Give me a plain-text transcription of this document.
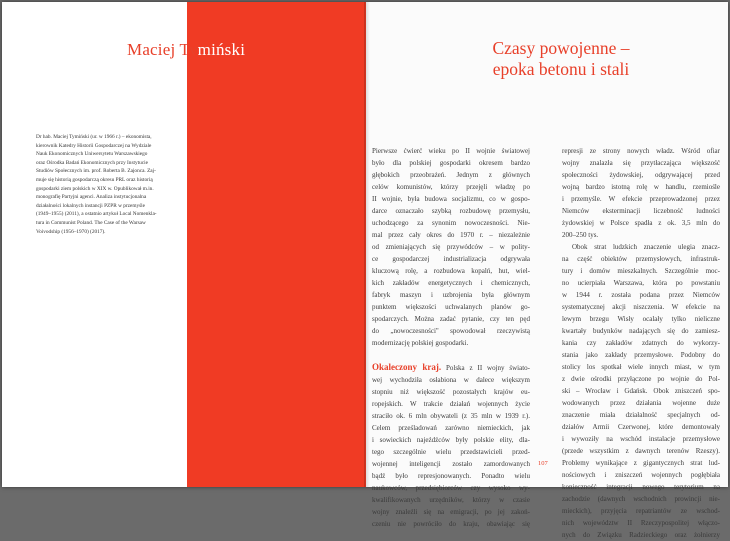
Maciej Tymiński
Dr hab. Maciej Tymiński (ur. w 1966 r.) – ekonomista,
kierownik Katedry Historii Gospodarczej na Wydziale
Nauk Ekonomicznych Uniwersytetu Warszawskiego
oraz Ośrodka Badań Ekonomicznych przy Instytucie
Studiów Społecznych im. prof. Roberta B. Zajonca. Zaj-
muje się historią gospodarczą okresu PRL oraz historią
gospodarki ziem polskich w XIX w. Opublikował m.in.
monografię Partyjni agenci. Analiza instytucjonalna
działalności lokalnych instancji PZPR w przemyśle
(1949–1955) (2011), a ostatnio artykuł Local Nomenkla-
tura in Communist Poland. The Case of the Warsaw
Voivodship (1956–1970) (2017).
Czasy powojenne –
epoka betonu i stali
Pierwsze ćwierć wieku po II wojnie światowej
było dla polskiej gospodarki okresem bardzo
głębokich przeobrażeń. Jednym z głównych
celów komunistów, którzy przejęli władzę po
II wojnie, była budowa socjalizmu, co w gospo-
darce oznaczało szybką rozbudowę przemysłu,
uchodzącego za synonim nowoczesności. Nie-
mal przez cały okres do 1970 r. – niezależnie
od zmieniających się przywódców – w polity-
ce gospodarczej industrializacja odgrywała
kluczową rolę, a rozbudowa kopalń, hut, wiel-
kich zakładów energetycznych i chemicznych,
fabryk maszyn i uzbrojenia była głównym
punktem większości uchwalanych planów go-
spodarczych. Można zadać pytanie, czy ten pęd
do „nowoczesności" spowodował rzeczywistą
modernizację polskiej gospodarki.
Okaleczony kraj. Polska z II wojny świato-
wej wychodziła osłabiona w dalece większym
stopniu niż większość pozostałych krajów eu-
ropejskich. W trakcie działań wojennych życie
straciło ok. 6 mln obywateli (z 35 mln w 1939 r.).
Celem prześladowań zarówno niemieckich, jak
i sowieckich najeźdźców były polskie elity, dla-
tego szczególnie wielu przedstawicieli przed-
wojennej inteligencji zostało zamordowanych
bądź było represjonowanych. Ponadto wielu
naukowców, przedsiębiorców czy wysoko wy-
kwalifikowanych urzędników, którzy w czasie
wojny znaleźli się na emigracji, po jej zakoń-
czeniu nie powróciło do kraju, obawiając się
represji ze strony nowych władz. Wśród ofiar
wojny znalazła się przytłaczająca większość
społeczności żydowskiej, odgrywającej przed
wojną bardzo istotną rolę w handlu, rzemiośle
i przemyśle. W efekcie przeprowadzonej przez
Niemców eksterminacji liczebność ludności
żydowskiej w Polsce spadła z ok. 3,5 mln do
200–250 tys.
Obok strat ludzkich znaczenie ulegia znacz-
na część obiektów przemysłowych, infrastruk-
tury i domów mieszkalnych. Szczególnie moc-
no ucierpiała Warszawa, która po powstaniu
w 1944 r. została podana przez Niemców
systematycznej akcji niszczenia. W efekcie na
lewym brzegu Wisły ocalały tylko nieliczne
kwartały budynków nadających się do zamiesz-
kania czy zakładów zdatnych do wykorzy-
stania jako zakłady przemysłowe. Podobny do
stolicy los spotkał wiele innych miast, w tym
z dwie ośrodki przyłączone po wojnie do Pol-
ski – Wrocław i Gdańsk. Obok zniszczeń spo-
wodowanych przez działania wojenne duże
znaczenie miała działalność specjalnych od-
działów Armii Czerwonej, które demontowały
i wywoziły na wschód instalacje przemysłowe
(przede wszystkim z dawnych terenów Rzeszy).
Problemy wynikające z gigantycznych strat lud-
nościowych i zniszczeń wojennych pogłębiała
konieczność integracji nowego terytorium na
zachodzie (dawnych wschodnich prowincji nie-
mieckich), przyjęcia repatriantów ze wschod-
nich województw II Rzeczypospolitej włączo-
nych do Związku Radzieckiego oraz żołnierzy
107
